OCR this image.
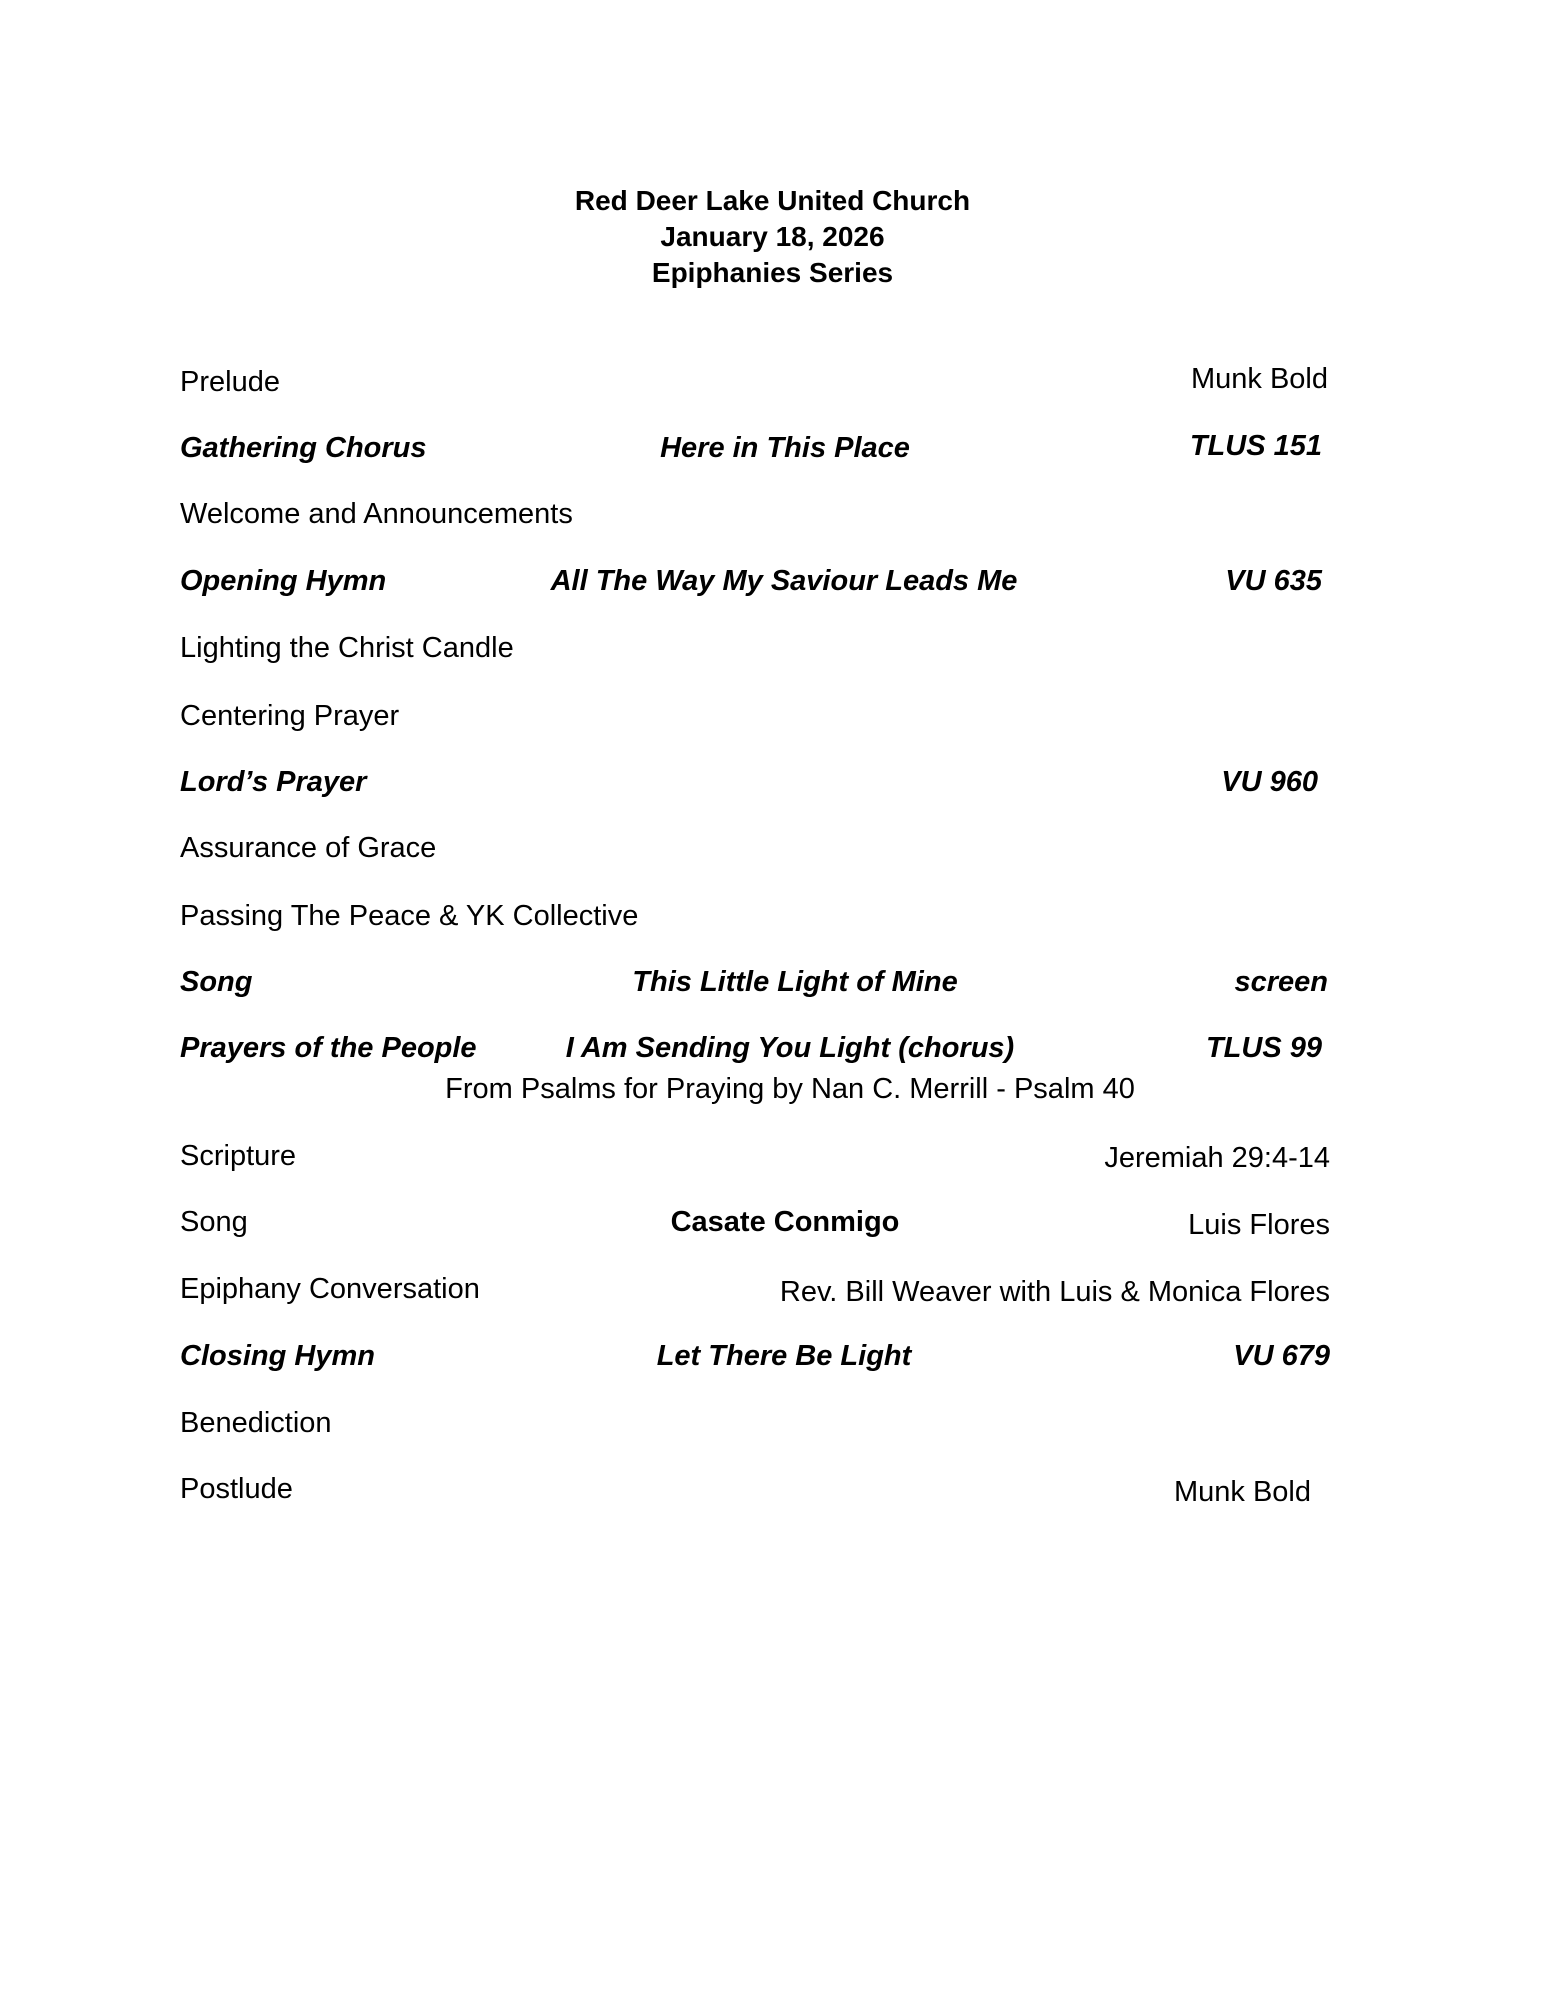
Red Deer Lake United Church
January 18, 2026
Epiphanies Series
Prelude	Munk Bold
Gathering Chorus	Here in This Place	TLUS 151
Welcome and Announcements
Opening Hymn	All The Way My Saviour Leads Me	VU 635
Lighting the Christ Candle
Centering Prayer
Lord’s Prayer	VU 960
Assurance of Grace
Passing The Peace & YK Collective
Song	This Little Light of Mine	screen
Prayers of the People	I Am Sending You Light (chorus)	TLUS 99
From Psalms for Praying by Nan C. Merrill - Psalm 40
Scripture	Jeremiah 29:4-14
Song	Casate Conmigo	Luis Flores
Epiphany Conversation	Rev. Bill Weaver with Luis & Monica Flores
Closing Hymn	Let There Be Light	VU 679
Benediction
Postlude	Munk Bold
